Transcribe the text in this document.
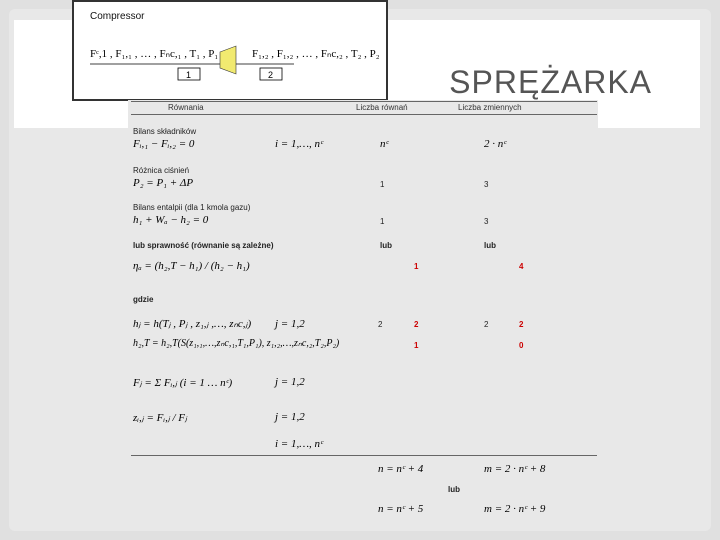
SPRĘŻARKA
Compressor
Fᶜ,1 , F₁,₁ , … , Fₙc,₁ , T₁ , P₁	F₁,₂ , F₁,₂ , … , Fₙc,₂ , T₂ , P₂
1	2
Równania	Liczba równań	Liczba zmiennych
Bilans składników
Fᵢ,₁ − Fᵢ,₂ = 0	i = 1,…, nᶜ	nᶜ	2 · nᶜ
Różnica ciśnień
P₂ = P₁ + ΔP	1	3
Bilans entalpii (dla 1 kmola gazu)
h₁ + Wₐ − h₂ = 0	1	3
lub sprawność (równanie są zależne)	lub	lub
ηₐ = (h₂,T − h₁) / (h₂ − h₁)	1	4
gdzie
hⱼ = h(Tⱼ , Pⱼ , z₁,ⱼ ,…, zₙc,ⱼ) j = 1,2	2	2	2	2
h₂,T = h₂,T(S(z₁,₁,…,zₙc,₁,T₁,P₁), z₁,₂,…,zₙc,₂,T₂,P₂)	1	0
Fⱼ = Σ Fᵢ,ⱼ (i = 1 … nᶜ)	j = 1,2
zᵢ,ⱼ = Fᵢ,ⱼ / Fⱼ	j = 1,2
i = 1,…, nᶜ
n = nᶜ + 4	m = 2 · nᶜ + 8
lub
n = nᶜ + 5	m = 2 · nᶜ + 9
